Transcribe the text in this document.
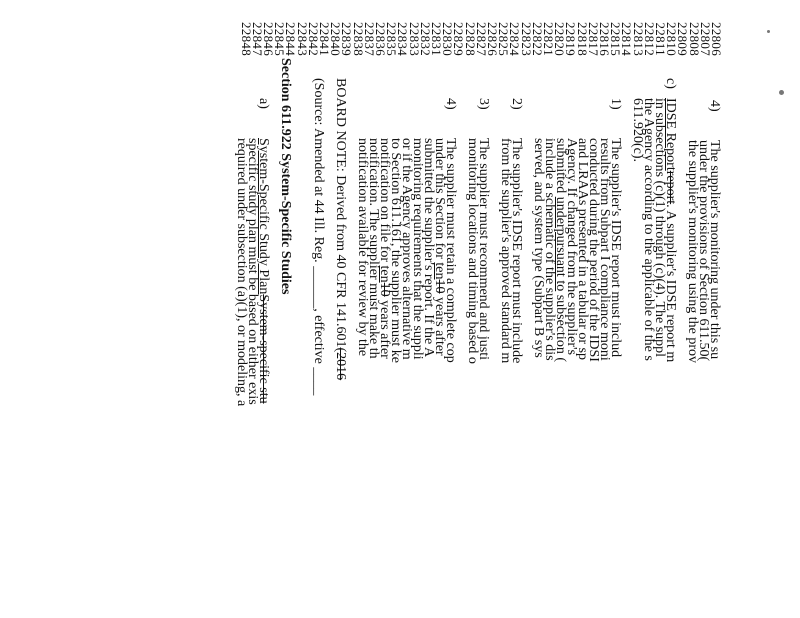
22806
22807
22808
22809
22810
22811
22812
22813
22814
22815
22816
22817
22818
22819
22820
22821
22822
22823
22824
22825
22826
22827
22828
22829
22830
22831
22832
22833
22834
22835
22836
22837
22838
22839
22840
22841
22842
22843
22844
22845
22846
22847
22848
4)
The supplier's monitoring under this su
under the provisions of Section 611.50(
the supplier's monitoring using the prov
c)
IDSE Reportreport. A supplier's IDSE report m
in subsections (c)(1) through (c)(4). The suppl
the Agency according to the applicable of the s
611.920(c).
1)
The supplier's IDSE report must includ
results from Subpart I compliance moni
conducted during the period of the IDSI
and LRAAs presented in a tabular or sp
Agency. If changed from the supplier's
submitted underpursuant to subsection (
include a schematic of the supplier's dis
served, and system type (Subpart B sys
2)
The supplier's IDSE report must include
from the supplier's approved standard m
3)
The supplier must recommend and justi
monitoring locations and timing based o
4)
The supplier must retain a complete cop
under this Section for ten10 years after
submitted the supplier's report. If the A
monitoring requirements that the suppli
or if the Agency approves alternative m
to Section 611.161, the supplier must ke
notification on file for ten10 years after
notification. The supplier must make th
notification available for review by the
BOARD NOTE: Derived from 40 CFR 141.601(2016
(Source: Amended at 44 Ill. Reg. ______, effective ____
Section 611.922 System-Specific Studies
a)
System-Specific Study PlanSystem-specific stu
specific study plan must be based on either exis
required under subsection (a)(1), or modeling, a
